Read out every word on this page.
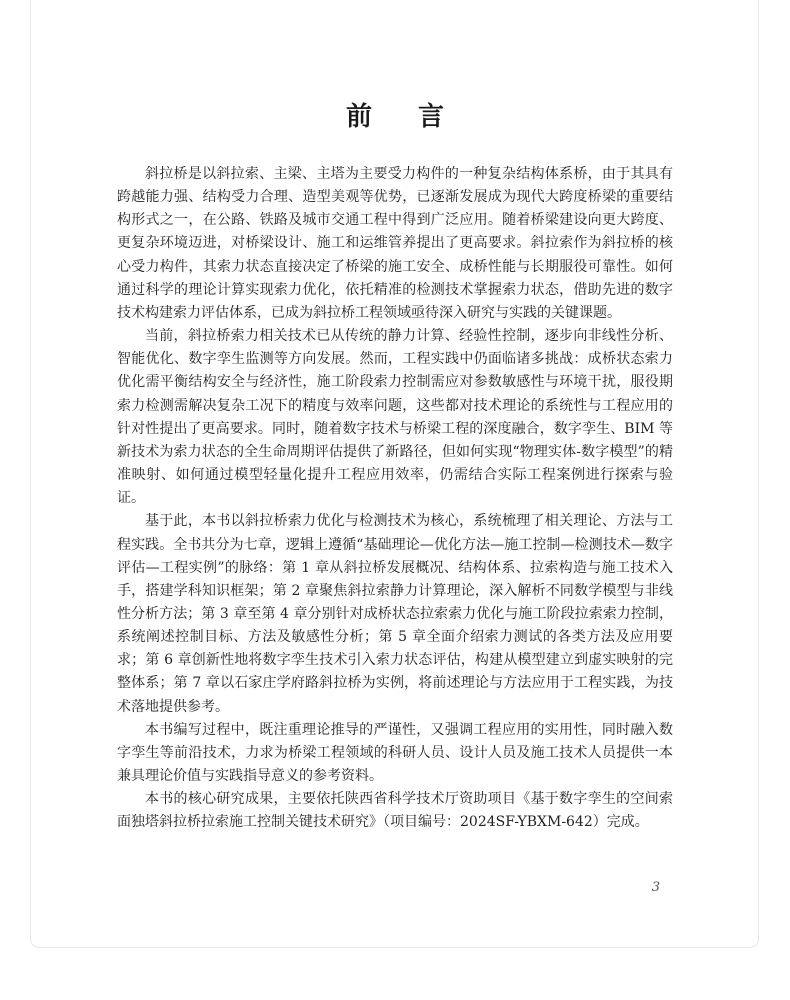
前言

斜拉桥是以斜拉索、主梁、主塔为主要受力构件的一种复杂结构体系桥，由于其具有跨越能力强、结构受力合理、造型美观等优势，已逐渐发展成为现代大跨度桥梁的重要结构形式之一，在公路、铁路及城市交通工程中得到广泛应用。随着桥梁建设向更大跨度、更复杂环境迈进，对桥梁设计、施工和运维管养提出了更高要求。斜拉索作为斜拉桥的核心受力构件，其索力状态直接决定了桥梁的施工安全、成桥性能与长期服役可靠性。如何通过科学的理论计算实现索力优化，依托精准的检测技术掌握索力状态，借助先进的数字技术构建索力评估体系，已成为斜拉桥工程领域亟待深入研究与实践的关键课题。

当前，斜拉桥索力相关技术已从传统的静力计算、经验性控制，逐步向非线性分析、智能优化、数字孪生监测等方向发展。然而，工程实践中仍面临诸多挑战：成桥状态索力优化需平衡结构安全与经济性，施工阶段索力控制需应对参数敏感性与环境干扰，服役期索力检测需解决复杂工况下的精度与效率问题，这些都对技术理论的系统性与工程应用的针对性提出了更高要求。同时，随着数字技术与桥梁工程的深度融合，数字孪生、BIM 等新技术为索力状态的全生命周期评估提供了新路径，但如何实现“物理实体-数字模型”的精准映射、如何通过模型轻量化提升工程应用效率，仍需结合实际工程案例进行探索与验证。

基于此，本书以斜拉桥索力优化与检测技术为核心，系统梳理了相关理论、方法与工程实践。全书共分为七章，逻辑上遵循“基础理论—优化方法—施工控制—检测技术—数字评估—工程实例”的脉络：第 1 章从斜拉桥发展概况、结构体系、拉索构造与施工技术入手，搭建学科知识框架；第 2 章聚焦斜拉索静力计算理论，深入解析不同数学模型与非线性分析方法；第 3 章至第 4 章分别针对成桥状态拉索索力优化与施工阶段拉索索力控制，系统阐述控制目标、方法及敏感性分析；第 5 章全面介绍索力测试的各类方法及应用要求；第 6 章创新性地将数字孪生技术引入索力状态评估，构建从模型建立到虚实映射的完整体系；第 7 章以石家庄学府路斜拉桥为实例，将前述理论与方法应用于工程实践，为技术落地提供参考。

本书编写过程中，既注重理论推导的严谨性，又强调工程应用的实用性，同时融入数字孪生等前沿技术，力求为桥梁工程领域的科研人员、设计人员及施工技术人员提供一本兼具理论价值与实践指导意义的参考资料。

本书的核心研究成果，主要依托陕西省科学技术厅资助项目《基于数字孪生的空间索面独塔斜拉桥拉索施工控制关键技术研究》（项目编号：2024SF-YBXM-642）完成。

3
